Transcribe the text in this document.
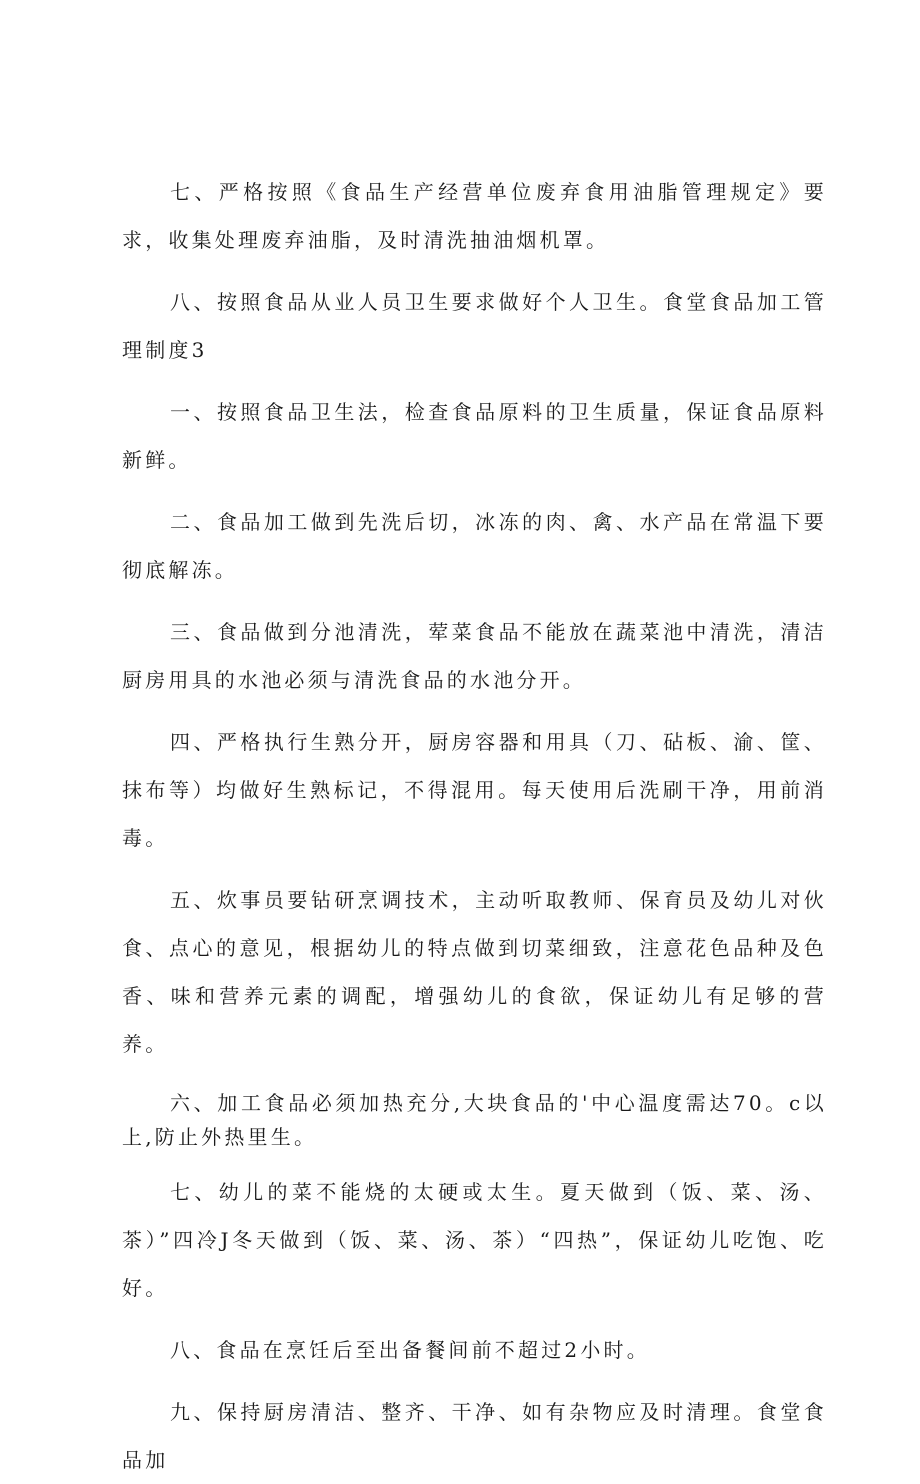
七、严格按照《食品生产经营单位废弃食用油脂管理规定》要求，收集处理废弃油脂，及时清洗抽油烟机罩。

八、按照食品从业人员卫生要求做好个人卫生。食堂食品加工管理制度3

一、按照食品卫生法，检查食品原料的卫生质量，保证食品原料新鲜。

二、食品加工做到先洗后切，冰冻的肉、禽、水产品在常温下要彻底解冻。

三、食品做到分池清洗，荤菜食品不能放在蔬菜池中清洗，清洁厨房用具的水池必须与清洗食品的水池分开。

四、严格执行生熟分开，厨房容器和用具（刀、砧板、渝、筐、抹布等）均做好生熟标记，不得混用。每天使用后洗刷干净，用前消毒。

五、炊事员要钻研烹调技术，主动听取教师、保育员及幼儿对伙食、点心的意见，根据幼儿的特点做到切菜细致，注意花色品种及色香、味和营养元素的调配，增强幼儿的食欲，保证幼儿有足够的营养。

六、加工食品必须加热充分,大块食品的'中心温度需达70。c以上,防止外热里生。

七、幼儿的菜不能烧的太硬或太生。夏天做到（饭、菜、汤、茶）”四冷J冬天做到（饭、菜、汤、茶）“四热”，保证幼儿吃饱、吃好。

八、食品在烹饪后至出备餐间前不超过2小时。

九、保持厨房清洁、整齐、干净、如有杂物应及时清理。食堂食品加
